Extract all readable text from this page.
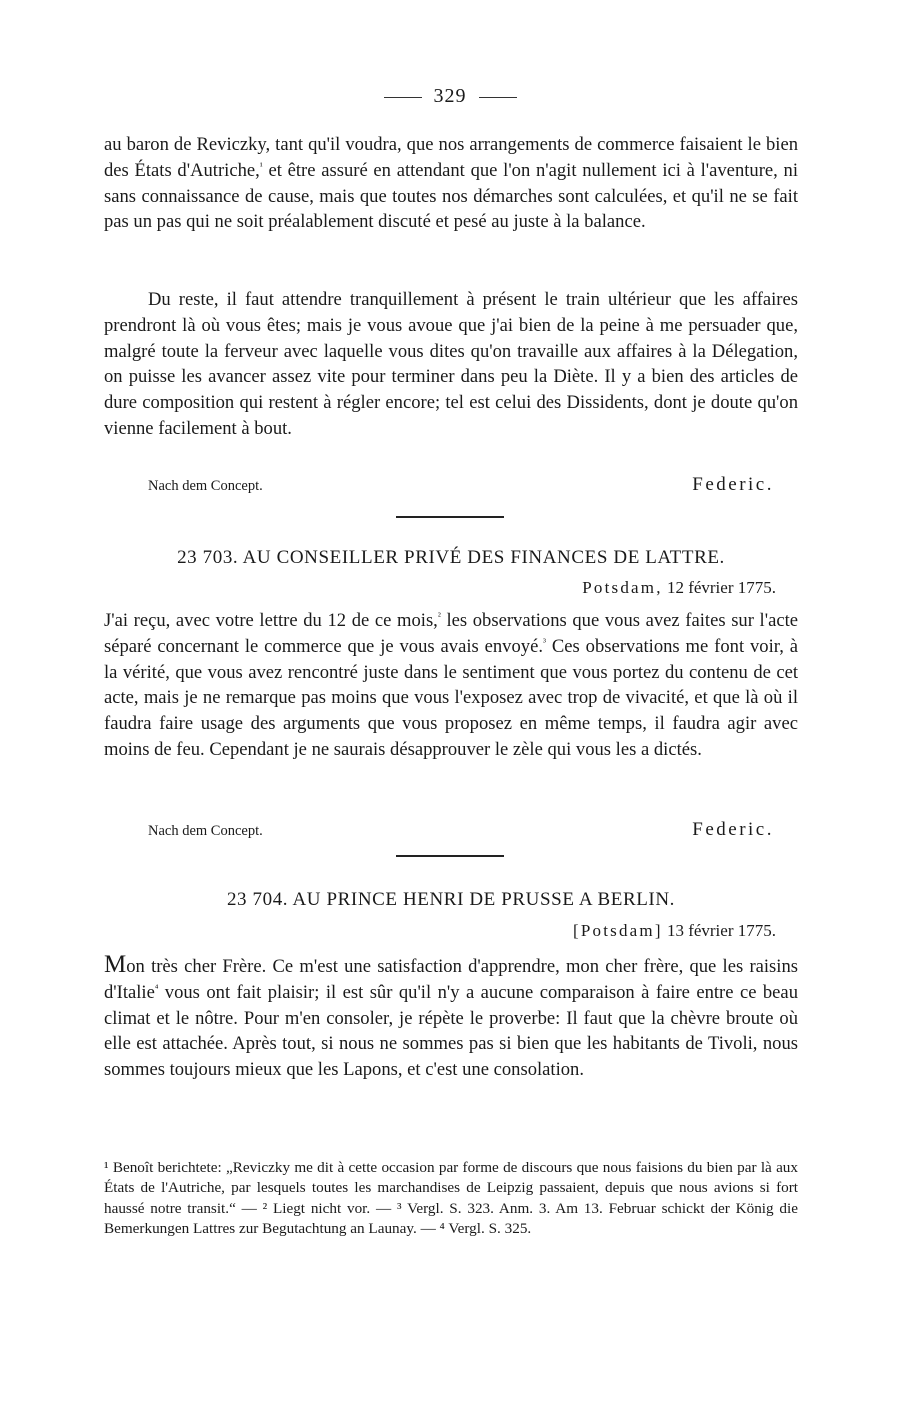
329
au baron de Reviczky, tant qu'il voudra, que nos arrangements de commerce faisaient le bien des États d'Autriche,$^{^1}$ et être assuré en attendant que l'on n'agit nullement ici à l'aventure, ni sans connaissance de cause, mais que toutes nos démarches sont calculées, et qu'il ne se fait pas un pas qui ne soit préalablement discuté et pesé au juste à la balance.
Du reste, il faut attendre tranquillement à présent le train ultérieur que les affaires prendront là où vous êtes; mais je vous avoue que j'ai bien de la peine à me persuader que, malgré toute la ferveur avec laquelle vous dites qu'on travaille aux affaires à la Délegation, on puisse les avancer assez vite pour terminer dans peu la Diète. Il y a bien des articles de dure composition qui restent à régler encore; tel est celui des Dissidents, dont je doute qu'on vienne facilement à bout.
Nach dem Concept.	Federic.
23 703. AU CONSEILLER PRIVÉ DES FINANCES DE LATTRE.
Potsdam, 12 février 1775.
J'ai reçu, avec votre lettre du 12 de ce mois,$^{^2}$ les observations que vous avez faites sur l'acte séparé concernant le commerce que je vous avais envoyé.$^{^3}$ Ces observations me font voir, à la vérité, que vous avez rencontré juste dans le sentiment que vous portez du contenu de cet acte, mais je ne remarque pas moins que vous l'exposez avec trop de vivacité, et que là où il faudra faire usage des arguments que vous proposez en même temps, il faudra agir avec moins de feu. Cependant je ne saurais désapprouver le zèle qui vous les a dictés.
Nach dem Concept.	Federic.
23 704. AU PRINCE HENRI DE PRUSSE A BERLIN.
[Potsdam] 13 février 1775.
Mon très cher Frère. Ce m'est une satisfaction d'apprendre, mon cher frère, que les raisins d'Italie$^{^4}$ vous ont fait plaisir; il est sûr qu'il n'y a aucune comparaison à faire entre ce beau climat et le nôtre. Pour m'en consoler, je répète le proverbe: Il faut que la chèvre broute où elle est attachée. Après tout, si nous ne sommes pas si bien que les habitants de Tivoli, nous sommes toujours mieux que les Lapons, et c'est une consolation.
¹ Benoît berichtete: „Reviczky me dit à cette occasion par forme de discours que nous faisions du bien par là aux États de l'Autriche, par lesquels toutes les marchandises de Leipzig passaient, depuis que nous avions si fort haussé notre transit.“ — ² Liegt nicht vor. — ³ Vergl. S. 323. Anm. 3. Am 13. Februar schickt der König die Bemerkungen Lattres zur Begutachtung an Launay. — ⁴ Vergl. S. 325.
